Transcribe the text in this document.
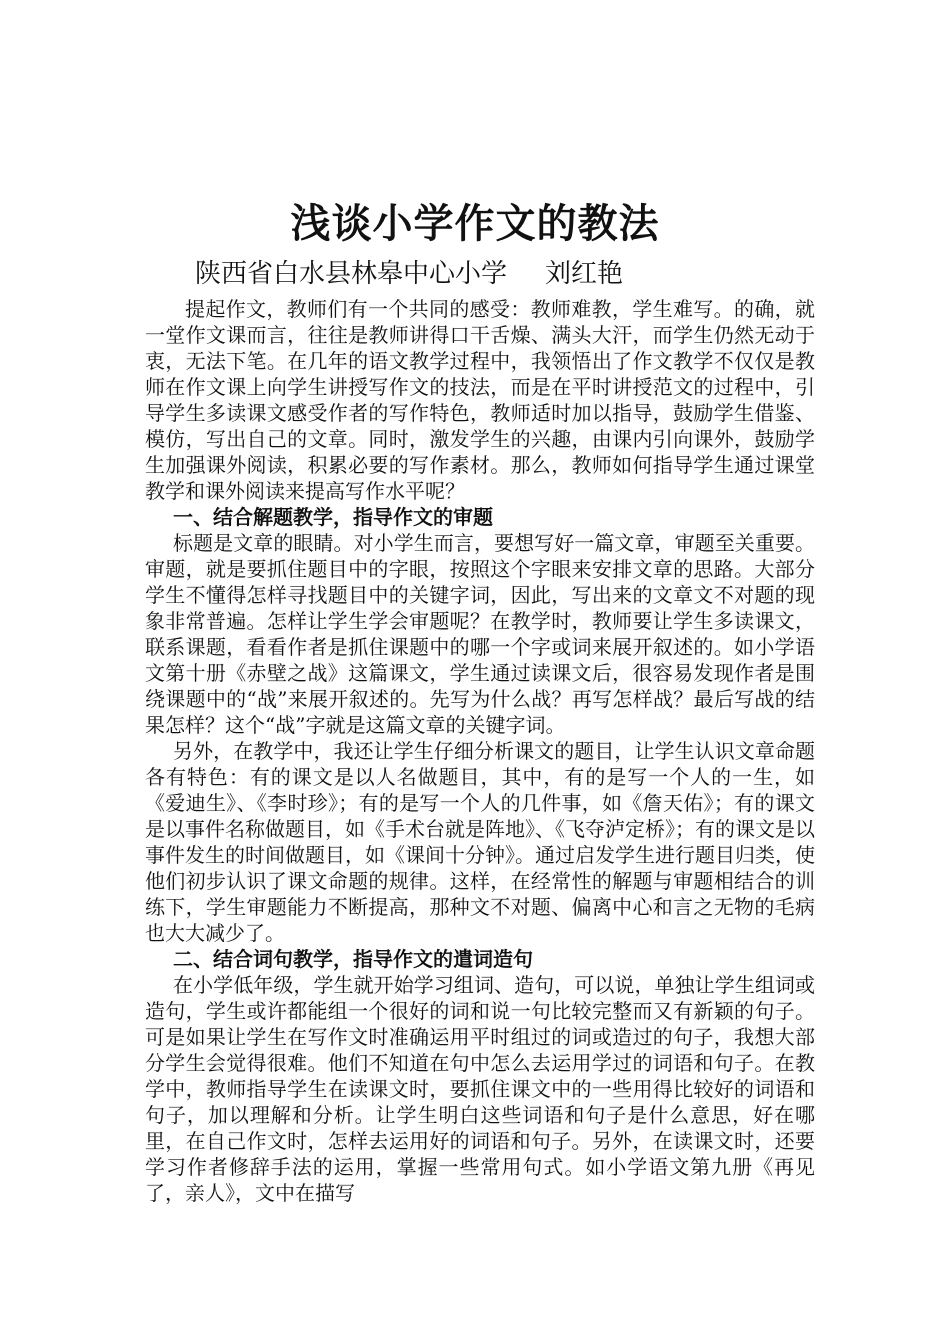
浅谈小学作文的教法
陕西省白水县林皋中心小学 刘红艳

提起作文，教师们有一个共同的感受：教师难教，学生难写。的确，就一堂作文课而言，往往是教师讲得口干舌燥、满头大汗，而学生仍然无动于衷，无法下笔。在几年的语文教学过程中，我领悟出了作文教学不仅仅是教师在作文课上向学生讲授写作文的技法，而是在平时讲授范文的过程中，引导学生多读课文感受作者的写作特色，教师适时加以指导，鼓励学生借鉴、模仿，写出自己的文章。同时，激发学生的兴趣，由课内引向课外，鼓励学生加强课外阅读，积累必要的写作素材。那么，教师如何指导学生通过课堂教学和课外阅读来提高写作水平呢？

一、结合解题教学，指导作文的审题

标题是文章的眼睛。对小学生而言，要想写好一篇文章，审题至关重要。审题，就是要抓住题目中的字眼，按照这个字眼来安排文章的思路。大部分学生不懂得怎样寻找题目中的关键字词，因此，写出来的文章文不对题的现象非常普遍。怎样让学生学会审题呢？在教学时，教师要让学生多读课文，联系课题，看看作者是抓住课题中的哪一个字或词来展开叙述的。如小学语文第十册《赤壁之战》这篇课文，学生通过读课文后，很容易发现作者是围绕课题中的“战”来展开叙述的。先写为什么战？再写怎样战？最后写战的结果怎样？这个“战”字就是这篇文章的关键字词。

另外，在教学中，我还让学生仔细分析课文的题目，让学生认识文章命题各有特色：有的课文是以人名做题目，其中，有的是写一个人的一生，如《爱迪生》、《李时珍》；有的是写一个人的几件事，如《詹天佑》；有的课文是以事件名称做题目，如《手术台就是阵地》、《飞夺泸定桥》；有的课文是以事件发生的时间做题目，如《课间十分钟》。通过启发学生进行题目归类，使他们初步认识了课文命题的规律。这样，在经常性的解题与审题相结合的训练下，学生审题能力不断提高，那种文不对题、偏离中心和言之无物的毛病也大大减少了。

二、结合词句教学，指导作文的遣词造句

在小学低年级，学生就开始学习组词、造句，可以说，单独让学生组词或造句，学生或许都能组一个很好的词和说一句比较完整而又有新颖的句子。可是如果让学生在写作文时准确运用平时组过的词或造过的句子，我想大部分学生会觉得很难。他们不知道在句中怎么去运用学过的词语和句子。在教学中，教师指导学生在读课文时，要抓住课文中的一些用得比较好的词语和句子，加以理解和分析。让学生明白这些词语和句子是什么意思，好在哪里，在自己作文时，怎样去运用好的词语和句子。另外，在读课文时，还要学习作者修辞手法的运用，掌握一些常用句式。如小学语文第九册《再见了，亲人》，文中在描写
